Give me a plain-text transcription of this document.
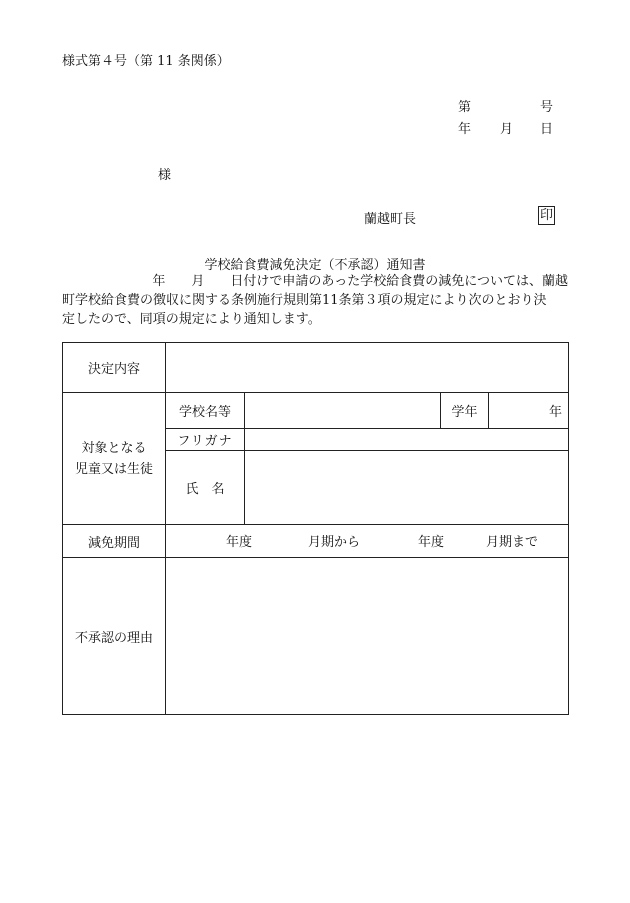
様式第４号（第 11 条関係）
第	号
年 月 日
様
蘭越町長	印
学校給食費減免決定（不承認）通知書
年　　月　　日付けで申請のあった学校給食費の減免については、蘭越
町学校給食費の徴収に関する条例施行規則第11条第３項の規定により次のとおり決
定したので、同項の規定により通知します。
決定内容				
対象となる
児童又は生徒	学校名等		学年	年
	フリガナ			
	氏　名			
減免期間	年度 月期から 年度 月期まで			

不承認の理由				
